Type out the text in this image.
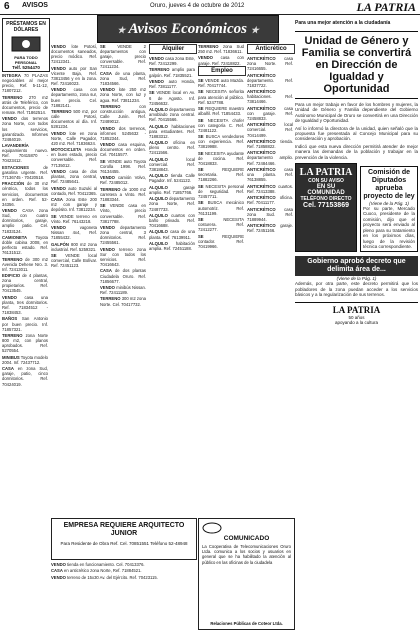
6 AVISOS	Oruro, jueves 4 de octubre de 2012	LA PATRIA
★ Avisos Económicos ★
PRÉSTAMOS EN DÓLARES
PARA TODO PERSONAL
Telf. 5254470

INTEGRA 70 PLAZAS negociables al mejor precio, Ref. 5-11-12, 71807212.

TERRENO 270 m2 atrás de Teleférico, con documentos, precio de remate. Ref. 71862514.

VENDO dos terrenos zona Norte, con todos los servicios, garantizado. Informes 72484019.

LAVANDERÍA equipamiento nuevo. Ref. 70415870 - 70423412.

ESTACIONES de gasolina urgente. Ref. 77136745 - 70420518.

FRACCIÓN de 30 m2 céntrica, todos los servicios, documentos en orden. Ref. 52-34356.

VENDO CASA zona Sud, con cuatro dormitorios, garaje, amplio patio. Cel. 71833124.

CAMIONETA Toyota doble cabina 2008, en perfecto estado. Ref. 76131512.

TERRENO de 300 m2 Avenida Dehene Nro. 3. Inf. 72413011.

EDIFICIO de 4 plantas, zona central, propietarios. Ref. 70413545.

VENDO casa una planta, tres dormitorios. Ref. 71834512 - 71838453.

BAÑOS San Antonio por buen precio. Inf. 71857321.

TERRENO zona Norte 800 m2, con planos aprobados. Ref. 5270554.

MINIBUS Toyota modelo 2004. Inf. 72437712.

CASA en zona Sud, garaje, patio, cinco dormitorios. Ref. 70424019.

VENDO lote Potosí, documentos saneados, precio módico. Ref. 72412341.

VENDO auto por San Vicente Baja, Ref. 73813456 y en la zona. Ref. 72416023.

VENDO casa con departamento, zona sur, buen precio. Cel. 71882141.

TERRENO 500 m2, por calle Potosí, documentos al día. Inf. 5281234.

VENDO lote en zona Norte, Calle Pagador, 420 m2. Ref. 71836624.

MOTOCICLETA Honda en buen estado, precio conversable. Ref. 77135012.

VENDO casa de dos plantas, zona central, Ref. 72485641.

VENDO auto Suzuki al contado, Ref. 70412365.

CASA zona Este 200 m2 con garaje y depósito. Inf. 73812234.

SE VENDE terreno en Vinto. Ref. 76143218.

VENDO vagoneta Nissan 4x4, Ref. 71855432.

GALPÓN 800 m2 zona industrial. Ref. 5259321.

SE VENDE local comercial, Calle Bolívar. Ref. 72451123.

SE VENDE 2 departamentos con garaje, precio conversable. Ref. 72411234.

CASA de una planta, zona Sud, Ref. 71834566.

VENDO lote 250 m2 zona Norte, con luz y agua. Ref. 73811234.

TERRENO con construcción antigua, Calle Junín. Ref. 72489012.

VENDO dos terrenos, informes 5245632 - 71852344.

VENDO casa esquina, documentos en orden. Cel. 70415577.

SE VENDE auto Toyota Corolla 1998. Ref. 76134455.

VENDO camión Volvo, Ref. 72485012.

TERRENO de 1000 m2 carretera a Vinto. Ref. 71883344.

SE VENDE casa en Vinto, precio conversable. Ref. 73817788.

VENDO departamento zona central, 3 dormitorios. Ref. 72455561.

VENDO terreno zona Sur con todos los servicios. Ref. 70416643.

CASA de dos plantas Ciudadela Oruro. Ref. 71856677.

VENDO minibús Nissan. Ref. 72411189.

TERRENO 300 m2 zona Norte. Cel. 70417732.

Alquiler

VENDO casa zona Este, Ref. 72412299.

TERRENO amplio para galpón. Ref. 71835521.

VENDO auto Honda, Ref. 73811177.

SE VENDE local en Av. 6 de Agosto. Inf. 72456632.

ALQUILO departamento amoblado zona central. Ref. 70415566.

ALQUILO habitaciones para estudiantes. Ref. 71883312.

ALQUILO oficina en pleno centro. Ref. 72411566.

ALQUILO local comercial. Ref. 73818843.

ALQUILO tienda Calle Pagador. Inf. 5241122.

ALQUILO garaje amplio. Ref. 71857766.

ALQUILO departamento zona Norte, Ref. 72487733.

ALQUILO cuartos con baño privado. Ref. 70416688.

ALQUILO casa de una planta. Ref. 76139911.

ALQUILO habitación amplia. Ref. 72451188.

Empleo

TERRENO zona Sud 250 m2. Ref. 71836611.

VENDO casa con garaje. Ref. 72418822.

SE VENDE auto Mazda. Ref. 70417744.

SE NECESITA señorita para atención al público. Ref. 5247788.

SE REQUIERE maestro albañil. Ref. 71854433.

SE NECESITA chofer con categoría C. Ref. 72481122.

SE BUSCA vendedores con experiencia. Ref. 73819988.

SE NECESITA ayudante de cocina. Ref. 70418833.

SE REQUIERE secretaria. Ref. 71882266.

SE NECESITA personal de seguridad. Ref. 72457711.

SE BUSCA mecánico automotriz. Ref. 76131199.

SE NECESITA costurera. Ref. 72412277.

SE REQUIERE contador. Ref. 70419966.

Anticrético

ANTICRÉTICO casa zona Norte. Ref. 72416655.

ANTICRÉTICO departamento. Ref. 71837722.

ANTICRÉTICO habitaciones. Ref. 73814466.

ANTICRÉTICO casa con garaje. Ref. 72458833.

ANTICRÉTICO local comercial. Ref. 70414499.

ANTICRÉTICO tienda. Ref. 71858822.

ANTICRÉTICO departamento amplio. Ref. 72484466.

ANTICRÉTICO casa una planta. Ref. 76138855.

ANTICRÉTICO cuartos. Ref. 72413388.

ANTICRÉTICO oficina. Ref. 70411177.

ANTICRÉTICO casa zona Sud. Ref. 71889944.

ANTICRÉTICO garaje. Ref. 72451166.

EMPRESA REQUIERE ARQUITECTO JUNIOR
Para Residente de Obra Ref. Cel. 70851551 Teléfono 52-48948

VENDO tienda en funcionamiento. Cel. 70413376.

CASA en anticrético zona Norte, Ref. 71884521.

VENDO terreno de 15x30 Av. del Ejército. Ref. 70423115.

COMUNICADO
La Cooperativa de Telecomunicaciones Oruro Ltda. comunica a los socios y usuarios en general que se ha habilitado la atención al público en las oficinas de la ciudadela
Relaciones Públicas de Coteor Ltda.
Para una mejor atención a la ciudadanía
Unidad de Género y Familia se convertirá en Dirección de Igualdad y Oportunidad

Para un mejor trabajo en favor de los hombres y mujeres, la Unidad de Género y Familia dependiente del Gobierno Autónomo Municipal de Oruro se convertirá en una Dirección de Igualdad y Oportunidad.

Así lo informó la directora de la unidad, quien señaló que la propuesta fue presentada al Concejo Municipal para su consideración y aprobación.

Indicó que esta nueva dirección permitirá atender de mejor manera las demandas de la población y trabajar en la prevención de la violencia.

LA PATRIA
CON SU AVISO
EN SU COMUNIDAD
TELÉFONO DIRECTO
Cel. 77153869
Comisión de Diputados aprueba proyecto de ley
(Viene de la Pág. 1)
Por su parte, Mercado Cuoco, presidente de la comisión, dijo que el proyecto será enviado al pleno para su tratamiento en los próximos días, luego de la revisión técnica correspondiente.
Gobierno aprobó decreto que delimita área de...
(Viene de la Pág. 1)
Además, por otra parte, este decreto permitirá que los pobladores de la zona puedan acceder a los servicios básicos y a la regularización de sus terrenos.
LA PATRIA
50 años
apoyando a la cultura
